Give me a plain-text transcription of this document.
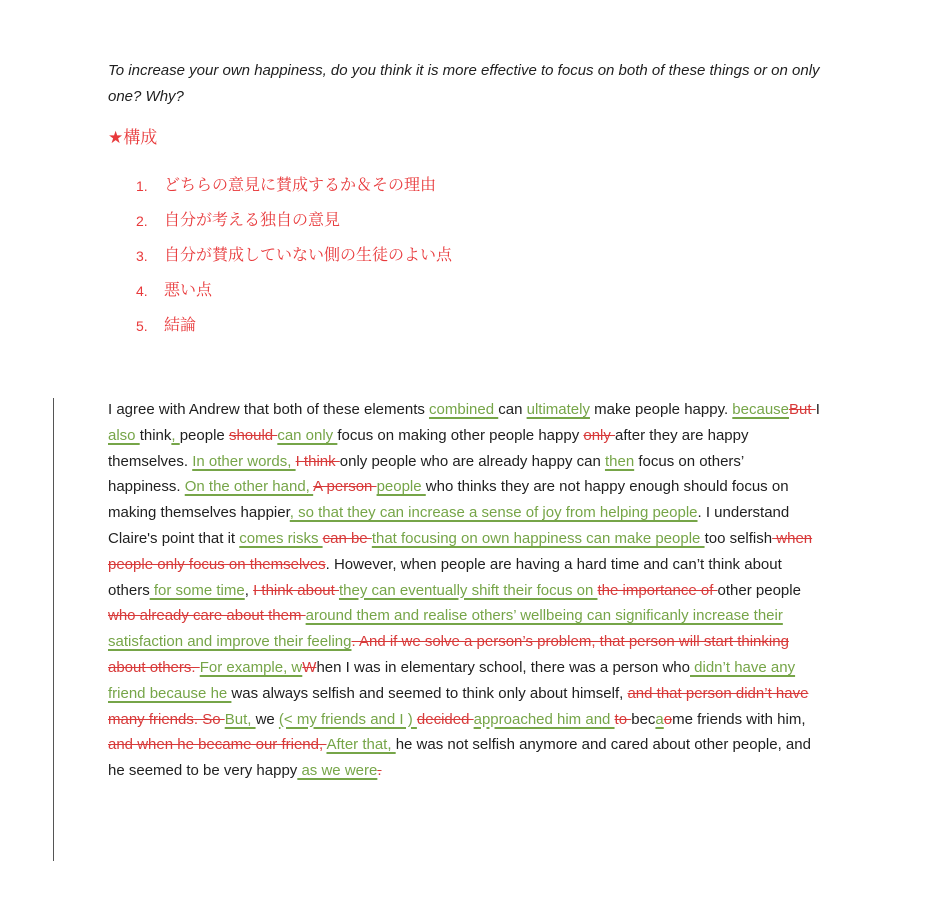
To increase your own happiness, do you think it is more effective to focus on both of these things or on only one? Why?
★構成
1.	どちらの意見に賛成するか＆その理由
2.	自分が考える独自の意見
3.	自分が賛成していない側の生徒のよい点
4.	悪い点
5.	結論
I agree with Andrew that both of these elements combined can ultimately make people happy. becauseBut I also think, people should can only focus on making other people happy only after they are happy themselves. In other words, I think only people who are already happy can then focus on others’ happiness. On the other hand, A person people who thinks they are not happy enough should focus on making themselves happier, so that they can increase a sense of joy from helping people. I understand Claire's point that it comes risks can be that focusing on own happiness can make people too selfish when people only focus on themselves. However, when people are having a hard time and can’t think about others for some time, I think about they can eventually shift their focus on the importance of other people who already care about them around them and realise others’ wellbeing can significanly increase their satisfaction and improve their feeling. And if we solve a person’s problem, that person will start thinking about others. For example, wWhen I was in elementary school, there was a person who didn’t have any friend because he was always selfish and seemed to think only about himself, and that person didn’t have many friends. So But, we (< my friends and I ) decided approached him and to becaome friends with him, and when he became our friend, After that, he was not selfish anymore and cared about other people, and he seemed to be very happy as we were.
